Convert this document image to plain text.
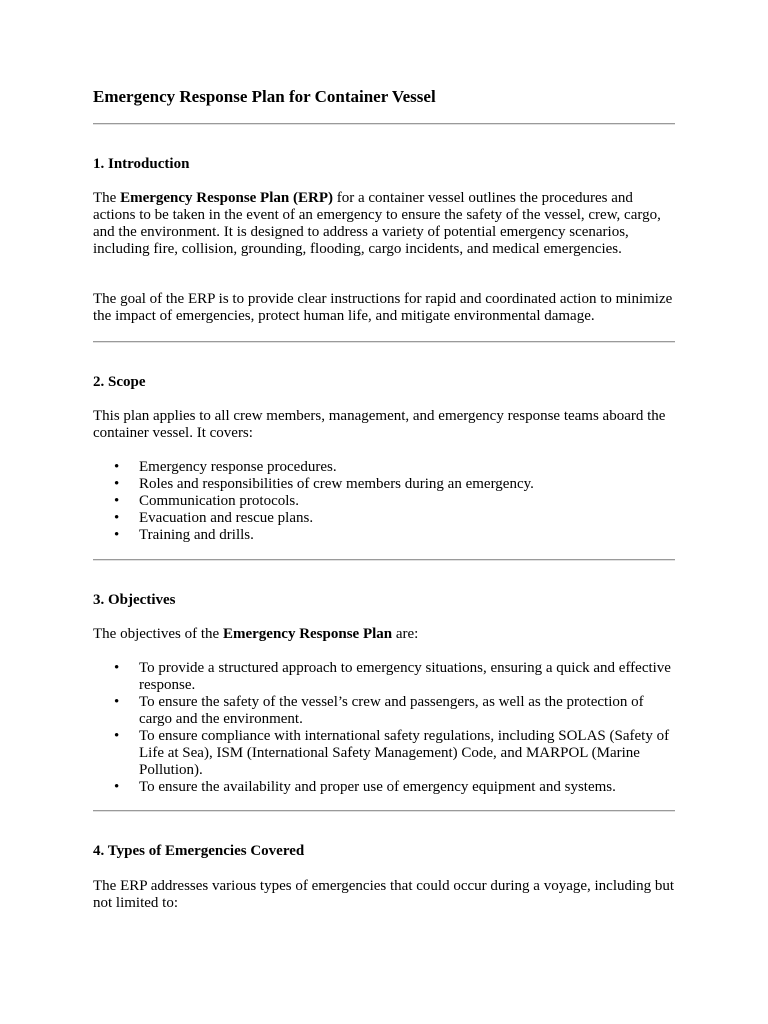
Emergency Response Plan for Container Vessel
1. Introduction

The Emergency Response Plan (ERP) for a container vessel outlines the procedures and actions to be taken in the event of an emergency to ensure the safety of the vessel, crew, cargo, and the environment. It is designed to address a variety of potential emergency scenarios, including fire, collision, grounding, flooding, cargo incidents, and medical emergencies.

The goal of the ERP is to provide clear instructions for rapid and coordinated action to minimize the impact of emergencies, protect human life, and mitigate environmental damage.

2. Scope

This plan applies to all crew members, management, and emergency response teams aboard the container vessel. It covers:

• Emergency response procedures.
• Roles and responsibilities of crew members during an emergency.
• Communication protocols.
• Evacuation and rescue plans.
• Training and drills.
3. Objectives

The objectives of the Emergency Response Plan are:

• To provide a structured approach to emergency situations, ensuring a quick and effective response.
• To ensure the safety of the vessel’s crew and passengers, as well as the protection of cargo and the environment.
• To ensure compliance with international safety regulations, including SOLAS (Safety of Life at Sea), ISM (International Safety Management) Code, and MARPOL (Marine Pollution).
• To ensure the availability and proper use of emergency equipment and systems.
4. Types of Emergencies Covered

The ERP addresses various types of emergencies that could occur during a voyage, including but not limited to:
